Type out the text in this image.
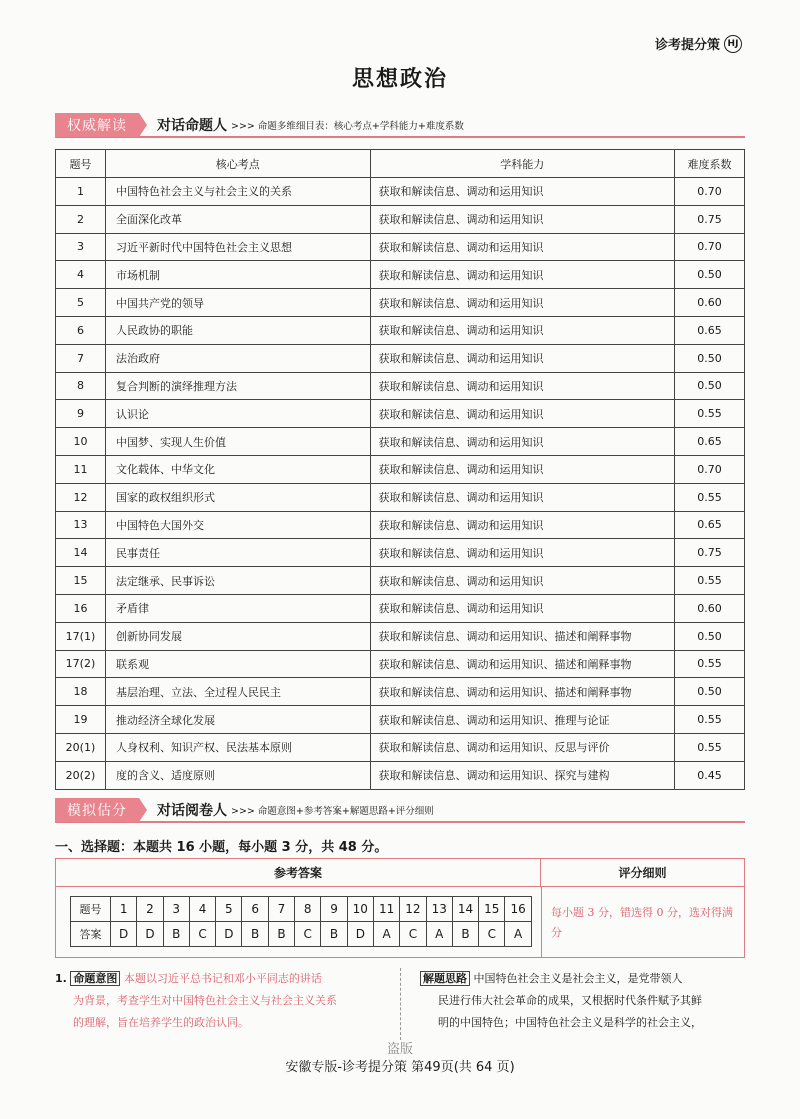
诊考提分策 HJ
思想政治
权威解读	对话命题人 >>> 命题多维细目表：核心考点+学科能力+难度系数
题号	核心考点	学科能力	难度系数
1	中国特色社会主义与社会主义的关系	获取和解读信息、调动和运用知识	0.70
2	全面深化改革	获取和解读信息、调动和运用知识	0.75
3	习近平新时代中国特色社会主义思想	获取和解读信息、调动和运用知识	0.70
4	市场机制	获取和解读信息、调动和运用知识	0.50
5	中国共产党的领导	获取和解读信息、调动和运用知识	0.60
6	人民政协的职能	获取和解读信息、调动和运用知识	0.65
7	法治政府	获取和解读信息、调动和运用知识	0.50
8	复合判断的演绎推理方法	获取和解读信息、调动和运用知识	0.50
9	认识论	获取和解读信息、调动和运用知识	0.55
10	中国梦、实现人生价值	获取和解读信息、调动和运用知识	0.65
11	文化载体、中华文化	获取和解读信息、调动和运用知识	0.70
12	国家的政权组织形式	获取和解读信息、调动和运用知识	0.55
13	中国特色大国外交	获取和解读信息、调动和运用知识	0.65
14	民事责任	获取和解读信息、调动和运用知识	0.75
15	法定继承、民事诉讼	获取和解读信息、调动和运用知识	0.55
16	矛盾律	获取和解读信息、调动和运用知识	0.60
17(1)	创新协同发展	获取和解读信息、调动和运用知识、描述和阐释事物	0.50
17(2)	联系观	获取和解读信息、调动和运用知识、描述和阐释事物	0.55
18	基层治理、立法、全过程人民民主	获取和解读信息、调动和运用知识、描述和阐释事物	0.50
19	推动经济全球化发展	获取和解读信息、调动和运用知识、推理与论证	0.55
20(1)	人身权利、知识产权、民法基本原则	获取和解读信息、调动和运用知识、反思与评价	0.55
20(2)	度的含义、适度原则	获取和解读信息、调动和运用知识、探究与建构	0.45
模拟估分	对话阅卷人 >>> 命题意图+参考答案+解题思路+评分细则
一、选择题：本题共 16 小题，每小题 3 分，共 48 分。
参考答案	评分细则
每小题 3 分，错选得 0 分，选对得满分
题号	1	2	3	4	5	6	7	8	9	10	11	12	13	14	15	16
答案	D	D	B	C	D	B	B	C	B	D	A	C	A	B	C	A
1. 命题意图 本题以习近平总书记和邓小平同志的讲话
为背景，考查学生对中国特色社会主义与社会主义关系
的理解，旨在培养学生的政治认同。
解题思路 中国特色社会主义是社会主义，是党带领人
民进行伟大社会革命的成果，又根据时代条件赋予其鲜
明的中国特色；中国特色社会主义是科学的社会主义，
盗版
安徽专版-诊考提分策 第49页(共 64 页)
